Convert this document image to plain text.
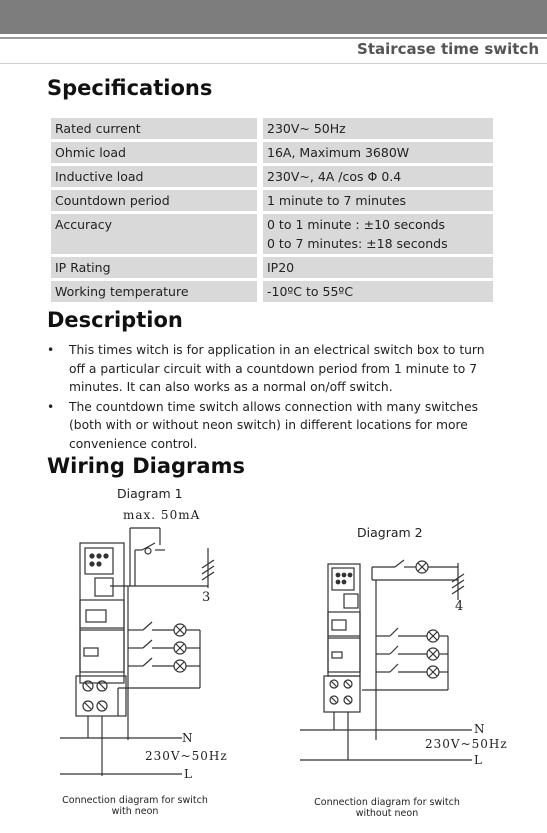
Staircase time switch
Specifications
Rated current		230V~ 50Hz

Ohmic load		16A, Maximum 3680W

Inductive load		230V~, 4A /cos Φ 0.4

Countdown period		1 minute to 7 minutes

Accuracy		0 to 1 minute : ±10 seconds
0 to 7 minutes: ±18 seconds

IP Rating		IP20

Working temperature		-10ºC to 55ºC
Description
• This times witch is for application in an electrical switch box to turn off a particular circuit with a countdown period from 1 minute to 7 minutes. It can also works as a normal on/off switch.
• The countdown time switch allows connection with many switches (both with or without neon switch) in different locations for more convenience control.
Wiring Diagrams
Diagram 1
max. 50mA
3
N
230V~50Hz
L
Connection diagram for switch
with neon
Diagram 2
4
N
230V~50Hz
L
Connection diagram for switch
without neon
